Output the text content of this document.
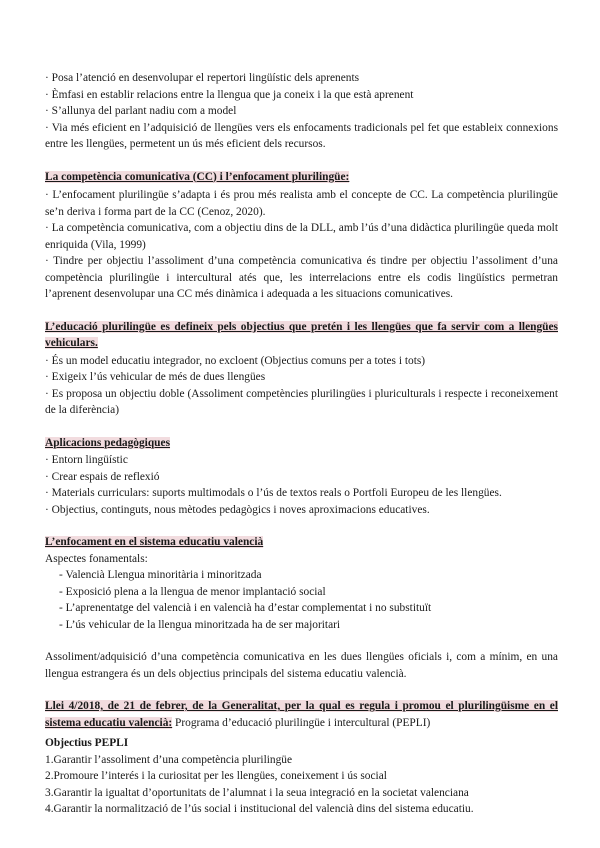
· Posa l’atenció en desenvolupar el repertori lingüístic dels aprenents

· Èmfasi en establir relacions entre la llengua que ja coneix i la que està aprenent

· S’allunya del parlant nadiu com a model

· Via més eficient en l’adquisició de llengües vers els enfocaments tradicionals pel fet que estableix connexions entre les llengües, permetent un ús més eficient dels recursos.

La competència comunicativa (CC) i l’enfocament plurilingüe:

· L’enfocament plurilingüe s’adapta i és prou més realista amb el concepte de CC. La competència plurilingüe se’n deriva i forma part de la CC (Cenoz, 2020).

· La competència comunicativa, com a objectiu dins de la DLL, amb l’ús d’una didàctica plurilingüe queda molt enriquida (Vila, 1999)

· Tindre per objectiu l’assoliment d’una competència comunicativa és tindre per objectiu l’assoliment d’una competència plurilingüe i intercultural atés que, les interrelacions entre els codis lingüístics permetran l’aprenent desenvolupar una CC més dinàmica i adequada a les situacions comunicatives.

L’educació plurilingüe es defineix pels objectius que pretén i les llengües que fa servir com a llengües vehiculars.

· És un model educatiu integrador, no excloent (Objectius comuns per a totes i tots)

· Exigeix l’ús vehicular de més de dues llengües

· Es proposa un objectiu doble (Assoliment competències plurilingües i pluriculturals i respecte i reconeixement de la diferència)

Aplicacions pedagògiques

· Entorn lingüístic

· Crear espais de reflexió

· Materials curriculars: suports multimodals o l’ús de textos reals o Portfoli Europeu de les llengües.

· Objectius, continguts, nous mètodes pedagògics i noves aproximacions educatives.

L’enfocament en el sistema educatiu valencià

Aspectes fonamentals:

- Valencià Llengua minoritària i minoritzada
- Exposició plena a la llengua de menor implantació social
- L’aprenentatge del valencià i en valencià ha d’estar complementat i no substituït
- L’ús vehicular de la llengua minoritzada ha de ser majoritari

Assoliment/adquisició d’una competència comunicativa en les dues llengües oficials i, com a mínim, en una llengua estrangera és un dels objectius principals del sistema educatiu valencià.

Llei 4/2018, de 21 de febrer, de la Generalitat, per la qual es regula i promou el plurilingüisme en el sistema educatiu valencià: Programa d’educació plurilingüe i intercultural (PEPLI)

Objectius PEPLI

1.Garantir l’assoliment d’una competència plurilingüe

2.Promoure l’interés i la curiositat per les llengües, coneixement i ús social

3.Garantir la igualtat d’oportunitats de l’alumnat i la seua integració en la societat valenciana

4.Garantir la normalització de l’ús social i institucional del valencià dins del sistema educatiu.
